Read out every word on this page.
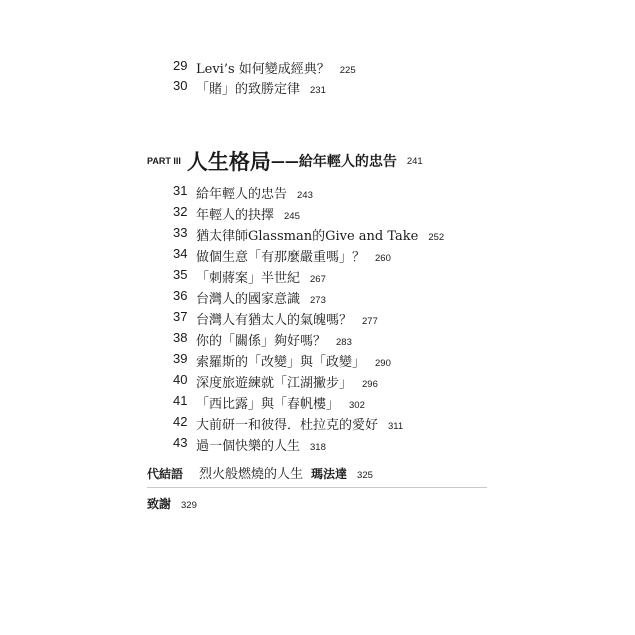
29 Levi’s 如何變成經典？ 225
30 「賭」的致勝定律 231
PART III 人生格局——給年輕人的忠告 241
31 給年輕人的忠告 243
32 年輕人的抉擇 245
33 猶太律師Glassman的Give and Take 252
34 做個生意「有那麼嚴重嗎」？ 260
35 「刺蔣案」半世紀 267
36 台灣人的國家意識 273
37 台灣人有猶太人的氣魄嗎？ 277
38 你的「關係」夠好嗎？ 283
39 索羅斯的「改變」與「政變」 290
40 深度旅遊練就「江湖撇步」 296
41 「西比露」與「春帆樓」 302
42 大前研一和彼得．杜拉克的愛好 311
43 過一個快樂的人生 318
代結語 烈火般燃燒的人生 瑪法達 325
致謝 329
